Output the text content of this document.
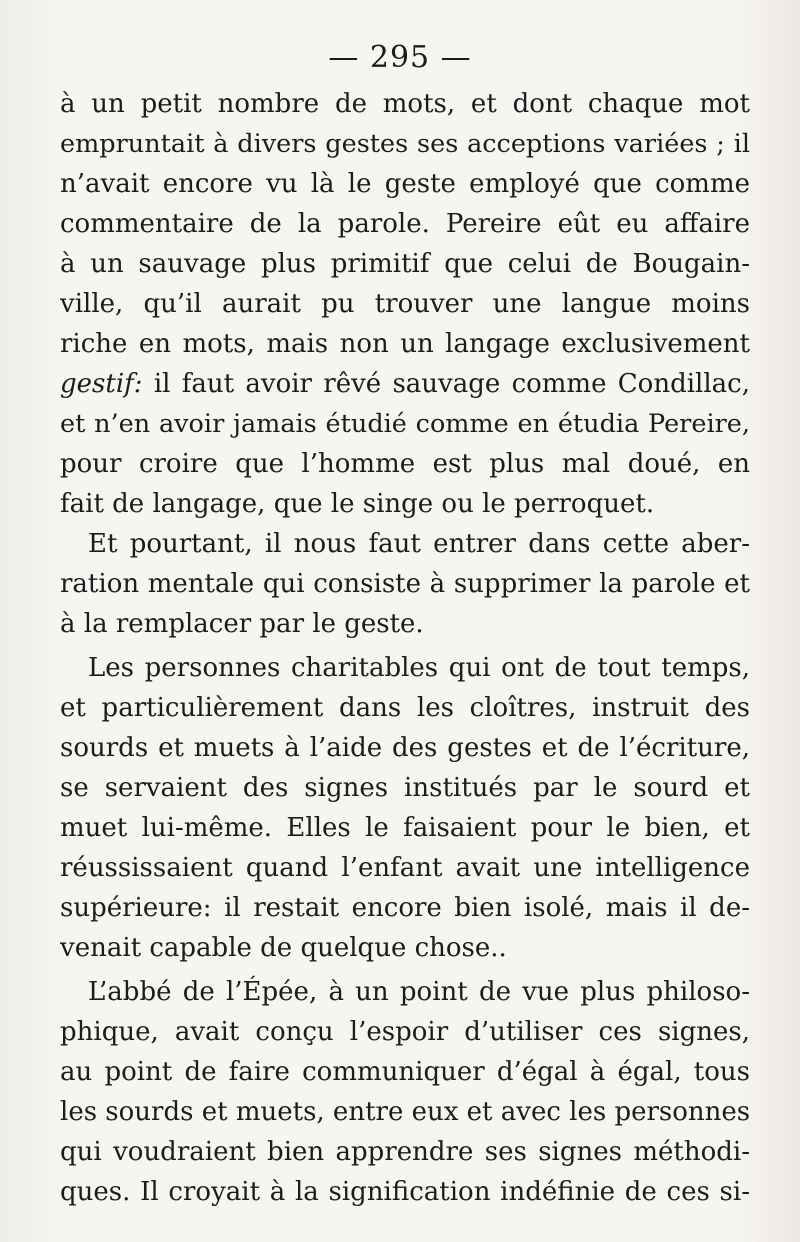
— 295 —
à un petit nombre de mots, et dont chaque mot
empruntait à divers gestes ses acceptions variées ; il
n’avait encore vu là le geste employé que comme
commentaire de la parole. Pereire eût eu affaire
à un sauvage plus primitif que celui de Bougain-
ville, qu’il aurait pu trouver une langue moins
riche en mots, mais non un langage exclusivement
gestif: il faut avoir rêvé sauvage comme Condillac,
et n’en avoir jamais étudié comme en étudia Pereire,
pour croire que l’homme est plus mal doué, en
fait de langage, que le singe ou le perroquet.
Et pourtant, il nous faut entrer dans cette aber-
ration mentale qui consiste à supprimer la parole et
à la remplacer par le geste.
Les personnes charitables qui ont de tout temps,
et particulièrement dans les cloîtres, instruit des
sourds et muets à l’aide des gestes et de l’écriture,
se servaient des signes institués par le sourd et
muet lui-même. Elles le faisaient pour le bien, et
réussissaient quand l’enfant avait une intelligence
supérieure: il restait encore bien isolé, mais il de-
venait capable de quelque chose..
L’abbé de l’Épée, à un point de vue plus philoso-
phique, avait conçu l’espoir d’utiliser ces signes,
au point de faire communiquer d’égal à égal, tous
les sourds et muets, entre eux et avec les personnes
qui voudraient bien apprendre ses signes méthodi-
ques. Il croyait à la signification indéfinie de ces si-
